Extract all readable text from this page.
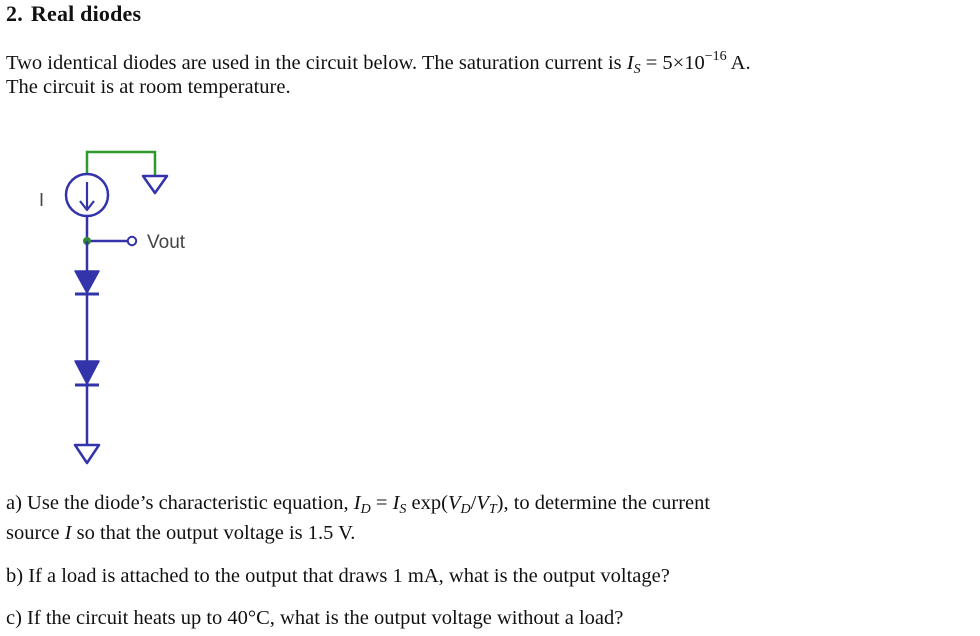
2. Real diodes
Two identical diodes are used in the circuit below. The saturation current is $I_S = 5\times 10^{-16}$ A.
The circuit is at room temperature.
I
Vout
a) Use the diode’s characteristic equation, $I_D = I_S$ $\exp(V_D/V_T)$, to determine the current
source I so that the output voltage is 1.5 V.
b) If a load is attached to the output that draws 1 mA, what is the output voltage?
c) If the circuit heats up to 40°C, what is the output voltage without a load?
